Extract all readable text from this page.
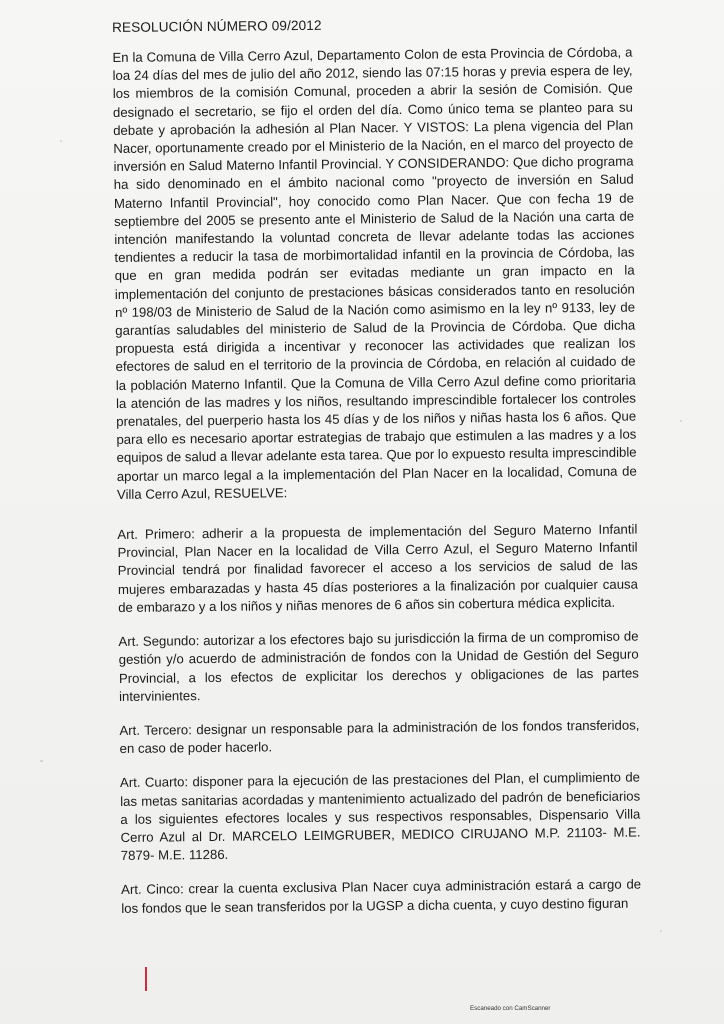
RESOLUCIÓN NÚMERO 09/2012

En la Comuna de Villa Cerro Azul, Departamento Colon de esta Provincia de Córdoba, a loa 24 días del mes de julio del año 2012, siendo las 07:15 horas y previa espera de ley, los miembros de la comisión Comunal, proceden a abrir la sesión de Comisión. Que designado el secretario, se fijo el orden del día. Como único tema se planteo para su debate y aprobación la adhesión al Plan Nacer. Y VISTOS: La plena vigencia del Plan Nacer, oportunamente creado por el Ministerio de la Nación, en el marco del proyecto de inversión en Salud Materno Infantil Provincial. Y CONSIDERANDO: Que dicho programa ha sido denominado en el ámbito nacional como "proyecto de inversión en Salud Materno Infantil Provincial", hoy conocido como Plan Nacer. Que con fecha 19 de septiembre del 2005 se presento ante el Ministerio de Salud de la Nación una carta de intención manifestando la voluntad concreta de llevar adelante todas las acciones tendientes a reducir la tasa de morbimortalidad infantil en la provincia de Córdoba, las que en gran medida podrán ser evitadas mediante un gran impacto en la implementación del conjunto de prestaciones básicas considerados tanto en resolución nº 198/03 de Ministerio de Salud de la Nación como asimismo en la ley nº 9133, ley de garantías saludables del ministerio de Salud de la Provincia de Córdoba. Que dicha propuesta está dirigida a incentivar y reconocer las actividades que realizan los efectores de salud en el territorio de la provincia de Córdoba, en relación al cuidado de la población Materno Infantil. Que la Comuna de Villa Cerro Azul define como prioritaria la atención de las madres y los niños, resultando imprescindible fortalecer los controles prenatales, del puerperio hasta los 45 días y de los niños y niñas hasta los 6 años. Que para ello es necesario aportar estrategias de trabajo que estimulen a las madres y a los equipos de salud a llevar adelante esta tarea. Que por lo expuesto resulta imprescindible aportar un marco legal a la implementación del Plan Nacer en la localidad, Comuna de Villa Cerro Azul, RESUELVE:

Art. Primero: adherir a la propuesta de implementación del Seguro Materno Infantil Provincial, Plan Nacer en la localidad de Villa Cerro Azul, el Seguro Materno Infantil Provincial tendrá por finalidad favorecer el acceso a los servicios de salud de las mujeres embarazadas y hasta 45 días posteriores a la finalización por cualquier causa de embarazo y a los niños y niñas menores de 6 años sin cobertura médica explicita.

Art. Segundo: autorizar a los efectores bajo su jurisdicción la firma de un compromiso de gestión y/o acuerdo de administración de fondos con la Unidad de Gestión del Seguro Provincial, a los efectos de explicitar los derechos y obligaciones de las partes intervinientes.

Art. Tercero: designar un responsable para la administración de los fondos transferidos, en caso de poder hacerlo.

Art. Cuarto: disponer para la ejecución de las prestaciones del Plan, el cumplimiento de las metas sanitarias acordadas y mantenimiento actualizado del padrón de beneficiarios a los siguientes efectores locales y sus respectivos responsables, Dispensario Villa Cerro Azul al Dr. MARCELO LEIMGRUBER, MEDICO CIRUJANO M.P. 21103- M.E. 7879- M.E. 11286.

Art. Cinco: crear la cuenta exclusiva Plan Nacer cuya administración estará a cargo de los fondos que le sean transferidos por la UGSP a dicha cuenta, y cuyo destino figuran

Escaneado con CamScanner
